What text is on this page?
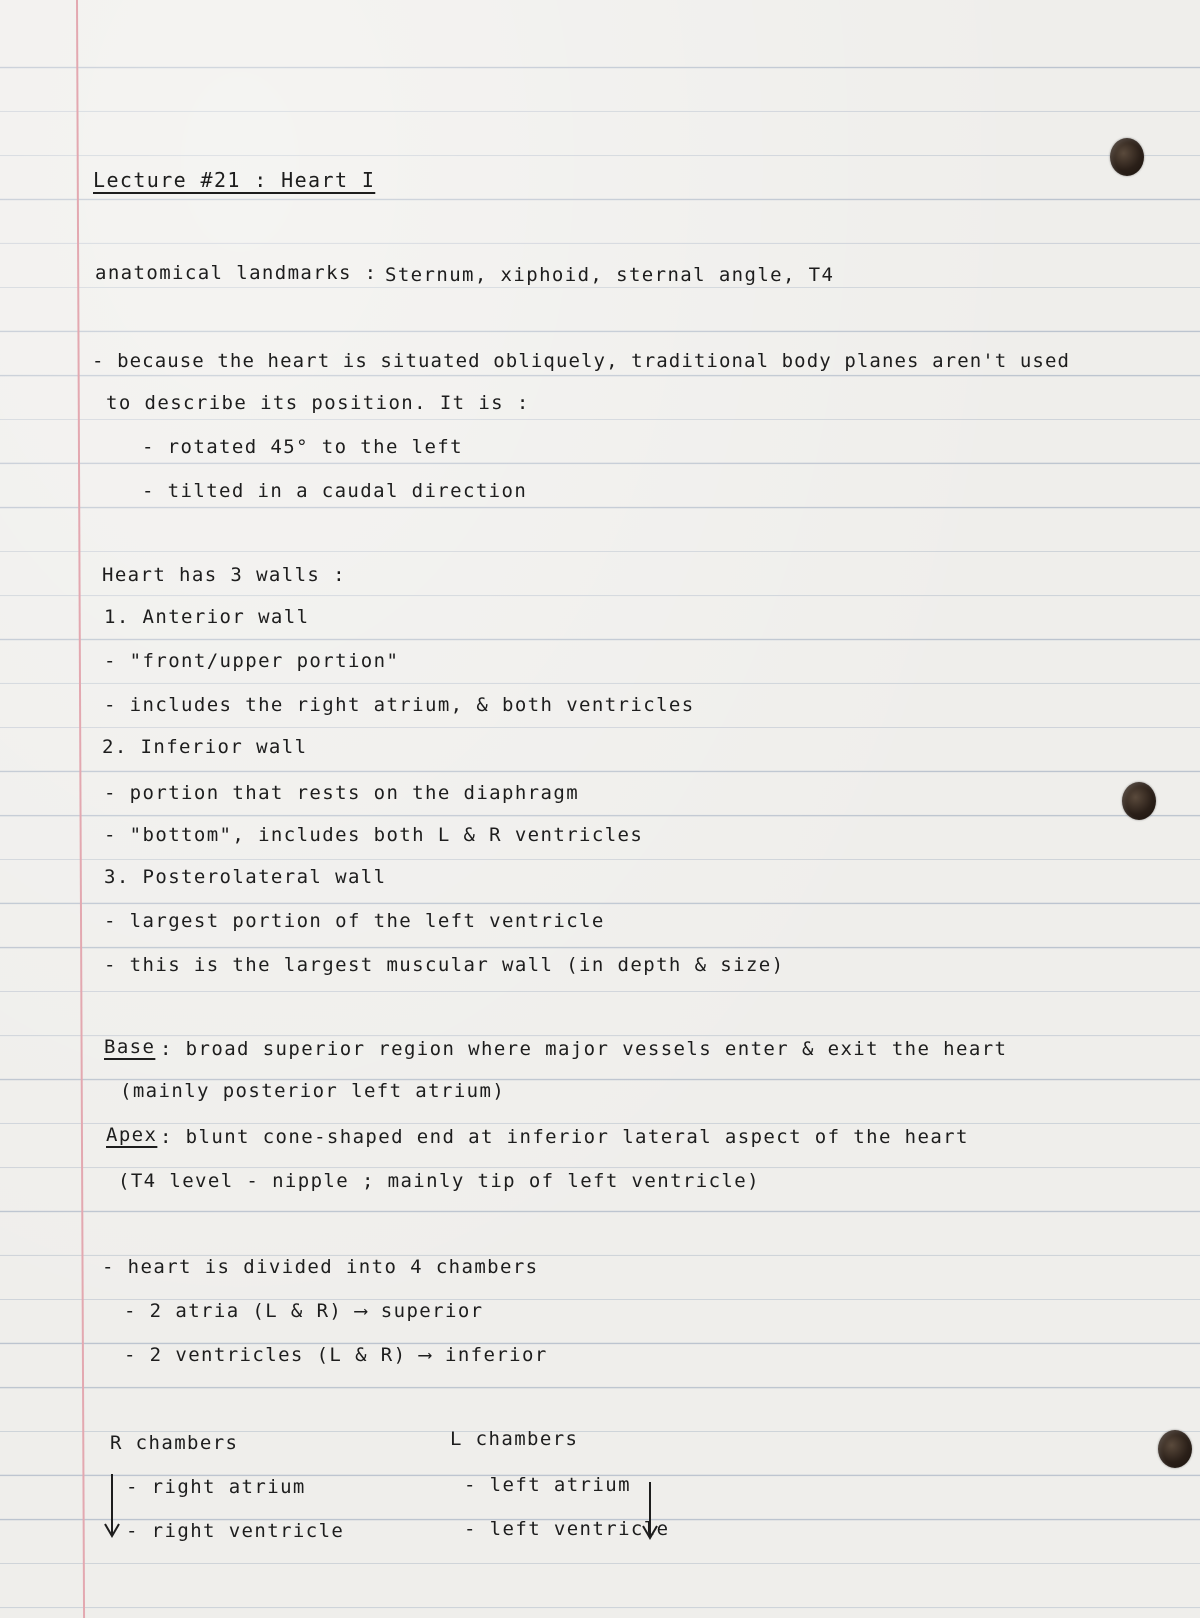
Lecture #21 : Heart I
anatomical landmarks : Sternum, xiphoid, sternal angle, T4
- because the heart is situated obliquely, traditional body planes aren't used
to describe its position. It is :
- rotated 45° to the left
- tilted in a caudal direction
Heart has 3 walls :
1. Anterior wall
- "front/upper portion"
- includes the right atrium, & both ventricles
2. Inferior wall
- portion that rests on the diaphragm
- "bottom", includes both L & R ventricles
3. Posterolateral wall
- largest portion of the left ventricle
- this is the largest muscular wall (in depth & size)
Base : broad superior region where major vessels enter & exit the heart
(mainly posterior left atrium)
Apex : blunt cone-shaped end at inferior lateral aspect of the heart
(T4 level - nipple ; mainly tip of left ventricle)
- heart is divided into 4 chambers
- 2 atria (L & R) ⟶ superior
- 2 ventricles (L & R) ⟶ inferior
R chambers
- right atrium
- right ventricle
L chambers
- left atrium
- left ventricle
